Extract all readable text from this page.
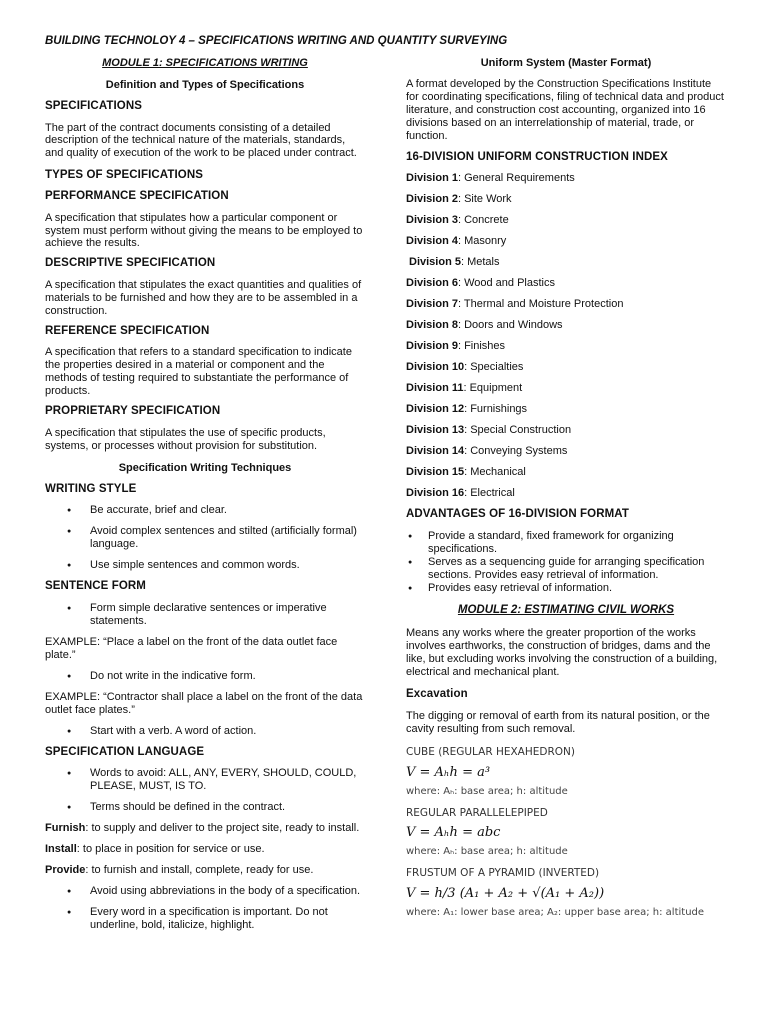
BUILDING TECHNOLOY 4 – SPECIFICATIONS WRITING AND QUANTITY SURVEYING

MODULE 1: SPECIFICATIONS WRITING

Definition and Types of Specifications

SPECIFICATIONS

The part of the contract documents consisting of a detailed description of the technical nature of the materials, standards, and quality of execution of the work to be placed under contract.

TYPES OF SPECIFICATIONS

PERFORMANCE SPECIFICATION

A specification that stipulates how a particular component or system must perform without giving the means to be employed to achieve the results.

DESCRIPTIVE SPECIFICATION

A specification that stipulates the exact quantities and qualities of materials to be furnished and how they are to be assembled in a construction.

REFERENCE SPECIFICATION

A specification that refers to a standard specification to indicate the properties desired in a material or component and the methods of testing required to substantiate the performance of products.

PROPRIETARY SPECIFICATION

A specification that stipulates the use of specific products, systems, or processes without provision for substitution.

Specification Writing Techniques

WRITING STYLE

● Be accurate, brief and clear.
● Avoid complex sentences and stilted (artificially formal) language.
● Use simple sentences and common words.

SENTENCE FORM

● Form simple declarative sentences or imperative statements.

EXAMPLE: “Place a label on the front of the data outlet face plate.”

● Do not write in the indicative form.

EXAMPLE: “Contractor shall place a label on the front of the data outlet face plates.”

● Start with a verb. A word of action.

SPECIFICATION LANGUAGE

● Words to avoid: ALL, ANY, EVERY, SHOULD, COULD, PLEASE, MUST, IS TO.
● Terms should be defined in the contract.

Furnish: to supply and deliver to the project site, ready to install.

Install: to place in position for service or use.

Provide: to furnish and install, complete, ready for use.

● Avoid using abbreviations in the body of a specification.
● Every word in a specification is important. Do not underline, bold, italicize, highlight.

Uniform System (Master Format)

A format developed by the Construction Specifications Institute for coordinating specifications, filing of technical data and product literature, and construction cost accounting, organized into 16 divisions based on an interrelationship of material, trade, or function.

16-DIVISION UNIFORM CONSTRUCTION INDEX

Division 1: General Requirements

Division 2: Site Work

Division 3: Concrete

Division 4: Masonry

Division 5: Metals

Division 6: Wood and Plastics

Division 7: Thermal and Moisture Protection

Division 8: Doors and Windows

Division 9: Finishes

Division 10: Specialties

Division 11: Equipment

Division 12: Furnishings

Division 13: Special Construction

Division 14: Conveying Systems

Division 15: Mechanical

Division 16: Electrical

ADVANTAGES OF 16-DIVISION FORMAT

● Provide a standard, fixed framework for organizing specifications.
● Serves as a sequencing guide for arranging specification sections. Provides easy retrieval of information.
● Provides easy retrieval of information.

MODULE 2: ESTIMATING CIVIL WORKS

Means any works where the greater proportion of the works involves earthworks, the construction of bridges, dams and the like, but excluding works involving the construction of a building, electrical and mechanical plant.

Excavation

The digging or removal of earth from its natural position, or the cavity resulting from such removal.

CUBE (REGULAR HEXAHEDRON)

V = Aₕh = a³

where: Aₕ: base area; h: altitude

REGULAR PARALLELEPIPED

V = Aₕh = abc

where: Aₕ: base area; h: altitude

FRUSTUM OF A PYRAMID (INVERTED)

V = h/3 (A₁ + A₂ + √(A₁ + A₂))

where: A₁: lower base area; A₂: upper base area; h: altitude
